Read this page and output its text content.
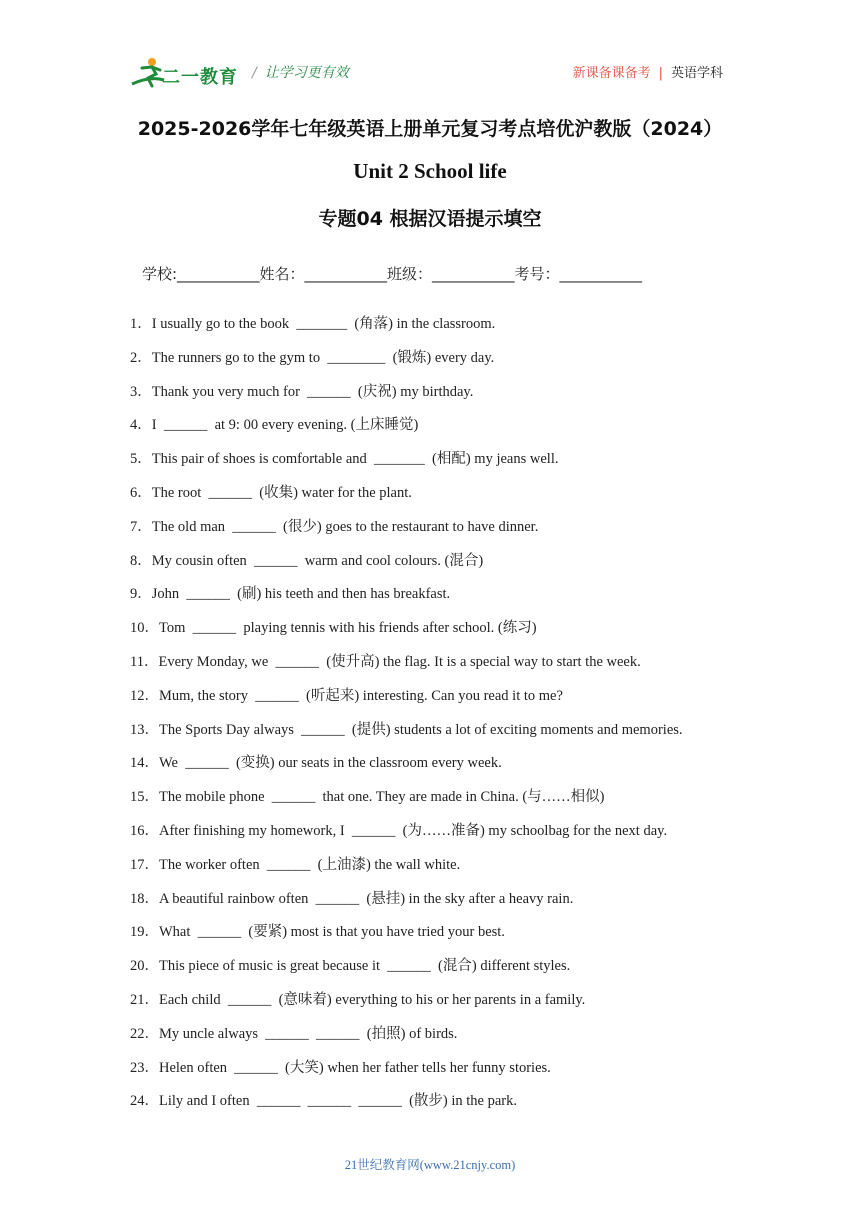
二一教育 / 让学习更有效	新课备课备考 | 英语学科
2025-2026学年七年级英语上册单元复习考点培优沪教版（2024）
Unit 2 School life
专题04 根据汉语提示填空
学校:___________姓名：___________班级：___________考号：___________
1．I usually go to the book  _______  (角落) in the classroom.
2．The runners go to the gym to  ________  (锻炼) every day.
3．Thank you very much for  ______  (庆祝) my birthday.
4．I  ______  at 9: 00 every evening. (上床睡觉)
5．This pair of shoes is comfortable and  _______  (相配) my jeans well.
6．The root  ______  (收集) water for the plant.
7．The old man  ______  (很少) goes to the restaurant to have dinner.
8．My cousin often  ______  warm and cool colours. (混合)
9．John  ______  (刷) his teeth and then has breakfast.
10．Tom  ______  playing tennis with his friends after school. (练习)
11．Every Monday, we  ______  (使升高) the flag. It is a special way to start the week.
12．Mum, the story  ______  (听起来) interesting. Can you read it to me?
13．The Sports Day always  ______  (提供) students a lot of exciting moments and memories.
14．We  ______  (变换) our seats in the classroom every week.
15．The mobile phone  ______  that one. They are made in China. (与……相似)
16．After finishing my homework, I  ______  (为……准备) my schoolbag for the next day.
17．The worker often  ______  (上油漆) the wall white.
18．A beautiful rainbow often  ______  (悬挂) in the sky after a heavy rain.
19．What  ______  (要紧) most is that you have tried your best.
20．This piece of music is great because it  ______  (混合) different styles.
21．Each child  ______  (意味着) everything to his or her parents in a family.
22．My uncle always  ______  ______  (拍照) of birds.
23．Helen often  ______  (大笑) when her father tells her funny stories.
24．Lily and I often  ______  ______  ______  (散步) in the park.
21世纪教育网(www.21cnjy.com)
